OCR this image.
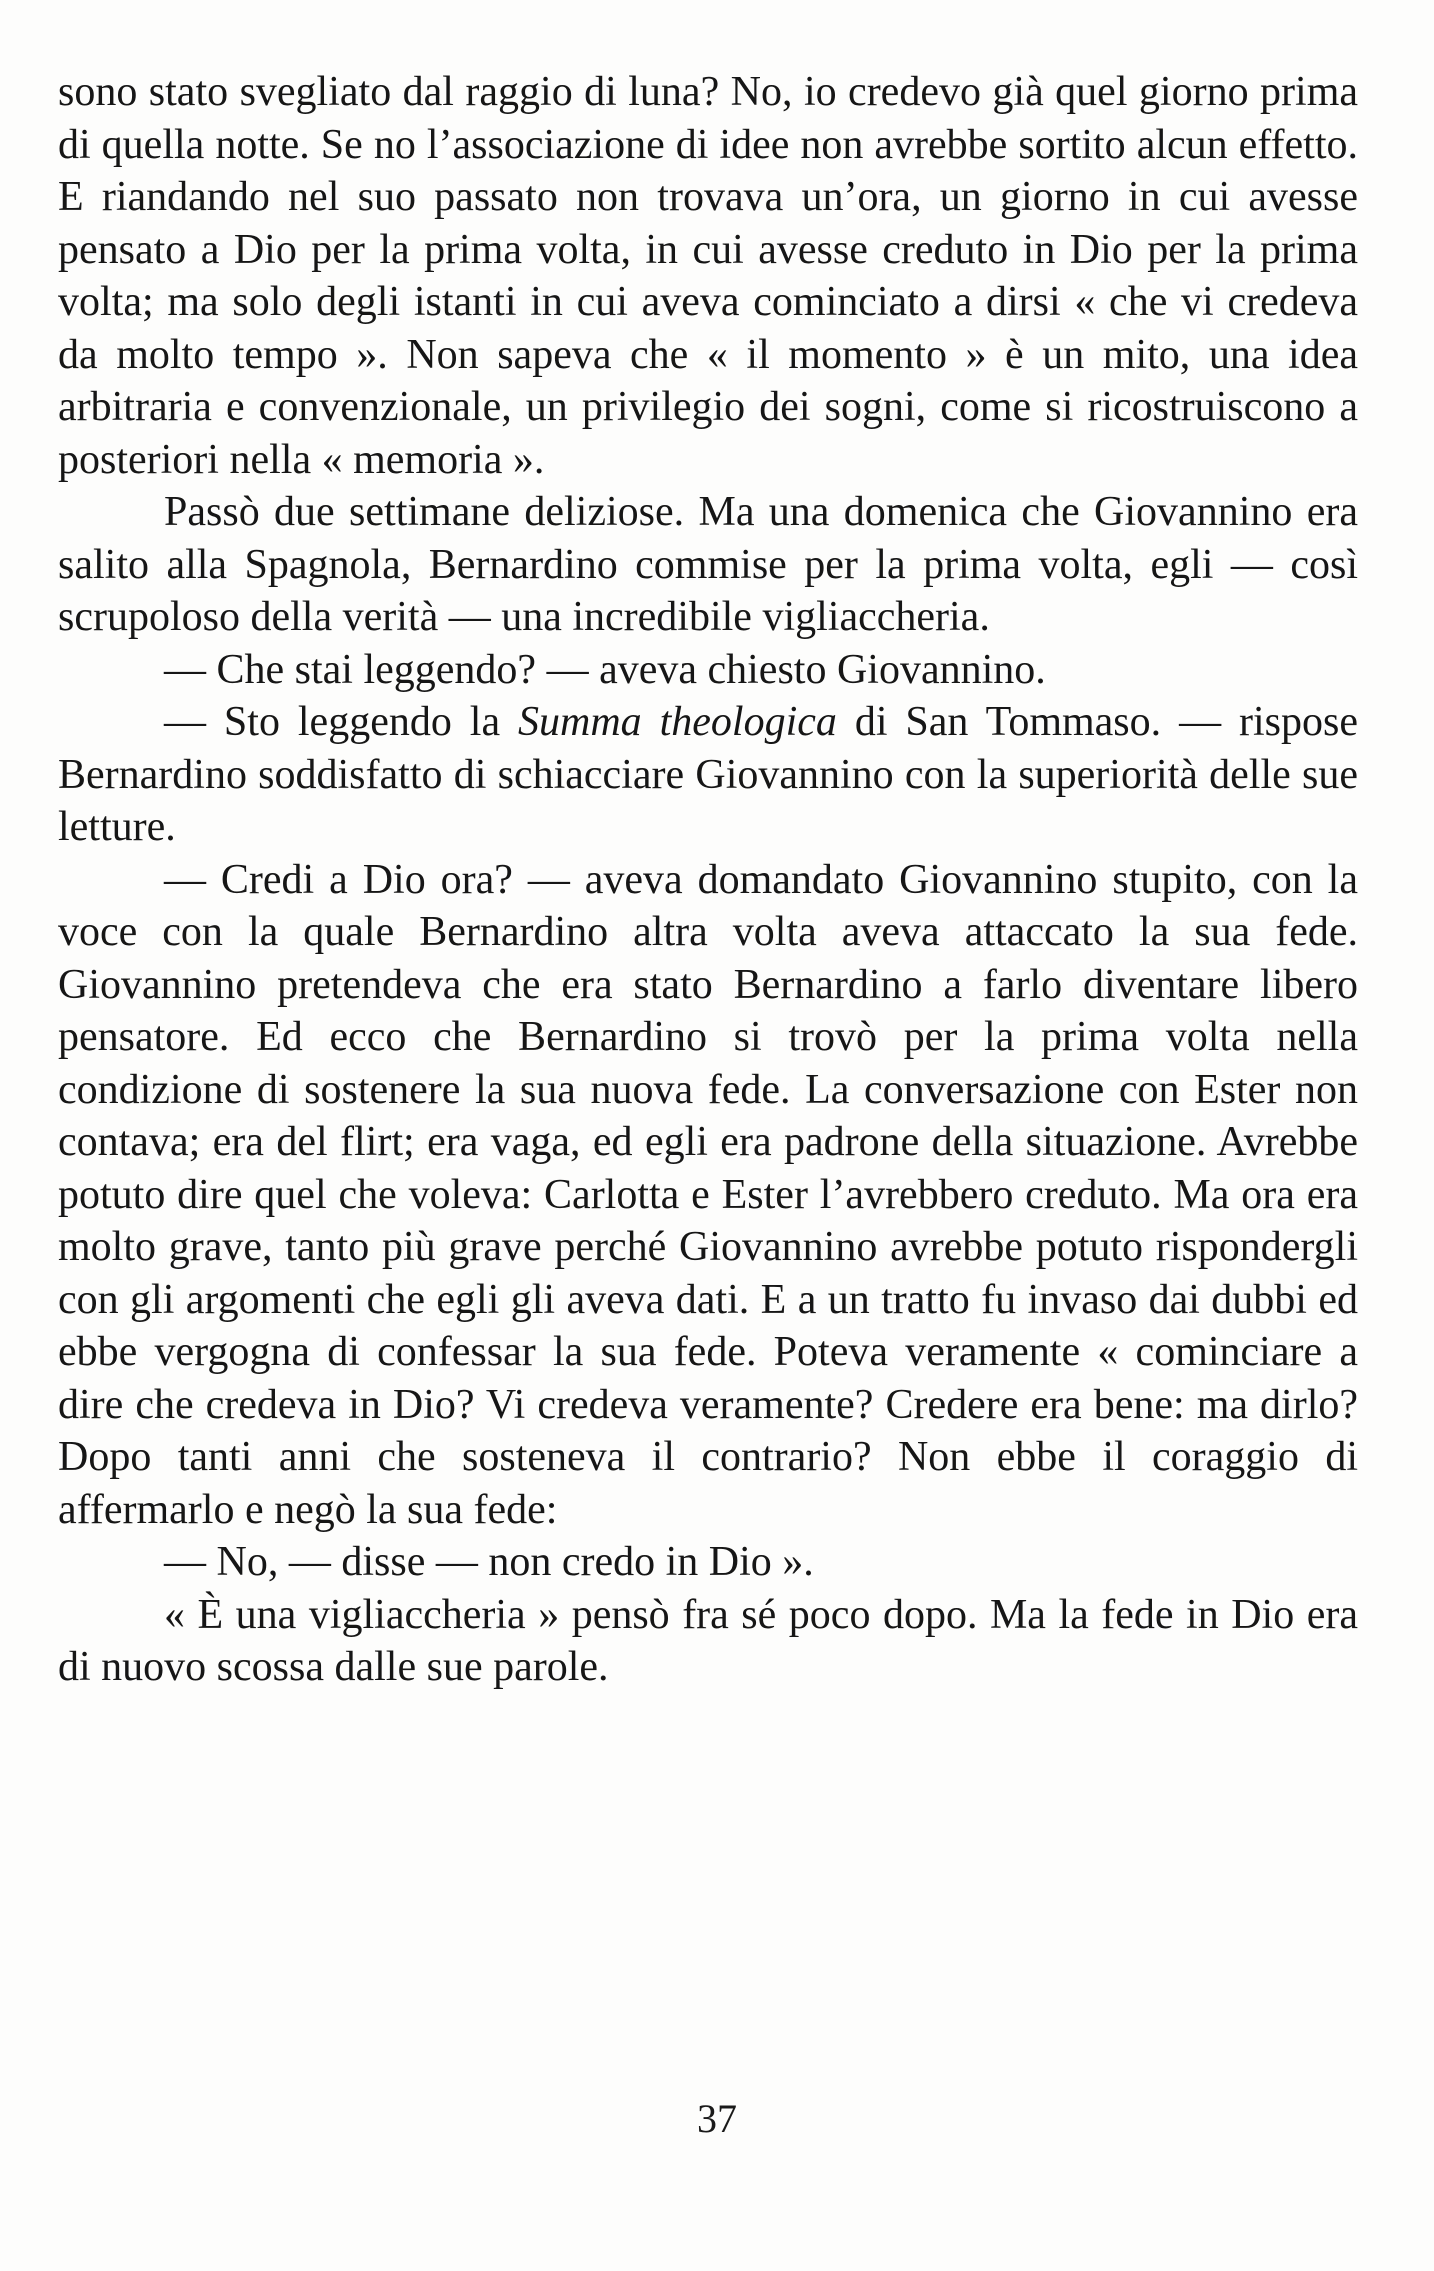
sono stato svegliato dal raggio di luna? No, io credevo già quel giorno prima di quella notte. Se no l’associazione di idee non avrebbe sortito alcun effetto. E riandando nel suo passato non trovava un’ora, un giorno in cui avesse pensato a Dio per la prima volta, in cui avesse creduto in Dio per la prima volta; ma solo degli istanti in cui aveva cominciato a dirsi « che vi credeva da molto tempo ». Non sapeva che « il momento » è un mito, una idea arbitraria e convenzionale, un privilegio dei sogni, come si ricostruiscono a posteriori nella « memoria ».

Passò due settimane deliziose. Ma una domenica che Giovannino era salito alla Spagnola, Bernardino commise per la prima volta, egli — così scrupoloso della verità — una incredibile vigliaccheria.

— Che stai leggendo? — aveva chiesto Giovannino.

— Sto leggendo la Summa theologica di San Tommaso. — rispose Bernardino soddisfatto di schiacciare Giovannino con la superiorità delle sue letture.

— Credi a Dio ora? — aveva domandato Giovannino stupito, con la voce con la quale Bernardino altra volta aveva attaccato la sua fede. Giovannino pretendeva che era stato Bernardino a farlo diventare libero pensatore. Ed ecco che Bernardino si trovò per la prima volta nella condizione di sostenere la sua nuova fede. La conversazione con Ester non contava; era del flirt; era vaga, ed egli era padrone della situazione. Avrebbe potuto dire quel che voleva: Carlotta e Ester l’avrebbero creduto. Ma ora era molto grave, tanto più grave perché Giovannino avrebbe potuto rispondergli con gli argomenti che egli gli aveva dati. E a un tratto fu invaso dai dubbi ed ebbe vergogna di confessar la sua fede. Poteva veramente « cominciare a dire che credeva in Dio? Vi credeva veramente? Credere era bene: ma dirlo? Dopo tanti anni che sosteneva il contrario? Non ebbe il coraggio di affermarlo e negò la sua fede:

— No, — disse — non credo in Dio ».

« È una vigliaccheria » pensò fra sé poco dopo. Ma la fede in Dio era di nuovo scossa dalle sue parole.

37
